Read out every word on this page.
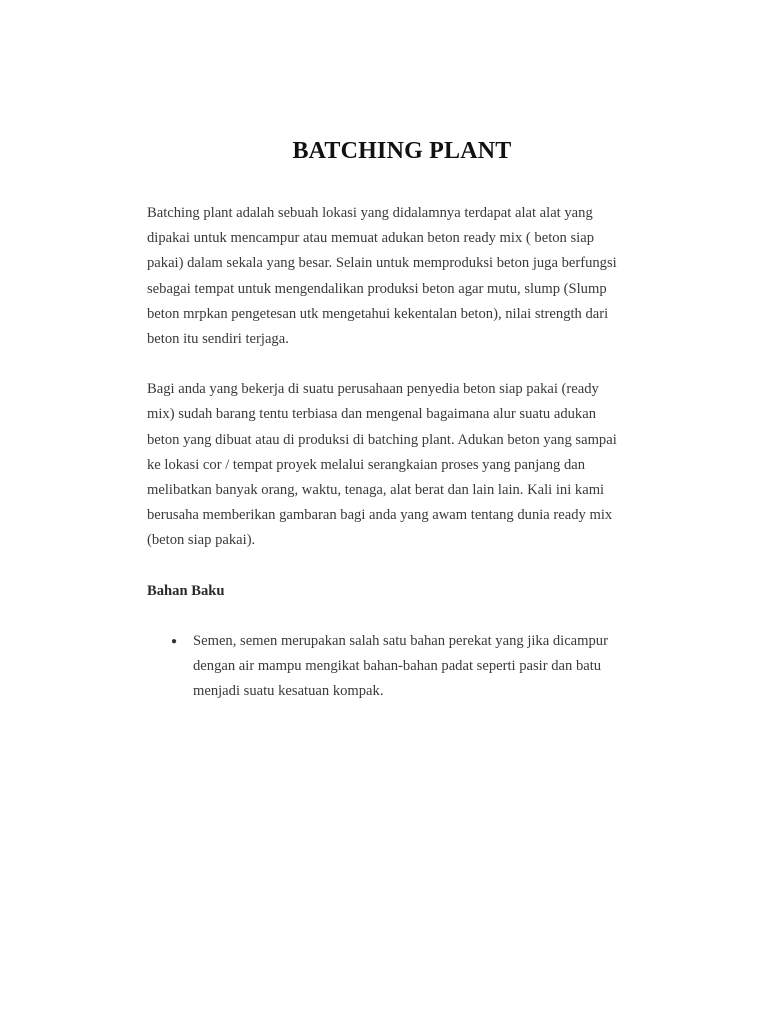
BATCHING PLANT

Batching plant adalah sebuah lokasi yang didalamnya terdapat alat alat yang
dipakai untuk mencampur atau memuat adukan beton ready mix ( beton siap
pakai) dalam sekala yang besar. Selain untuk memproduksi beton juga berfungsi
sebagai tempat untuk mengendalikan produksi beton agar mutu, slump (Slump
beton mrpkan pengetesan utk mengetahui kekentalan beton), nilai strength dari
beton itu sendiri terjaga.

Bagi anda yang bekerja di suatu perusahaan penyedia beton siap pakai (ready
mix) sudah barang tentu terbiasa dan mengenal bagaimana alur suatu adukan
beton yang dibuat atau di produksi di batching plant. Adukan beton yang sampai
ke lokasi cor / tempat proyek melalui serangkaian proses yang panjang dan
melibatkan banyak orang, waktu, tenaga, alat berat dan lain lain. Kali ini kami
berusaha memberikan gambaran bagi anda yang awam tentang dunia ready mix
(beton siap pakai).

Bahan Baku
● Semen, semen merupakan salah satu bahan perekat yang jika dicampur
dengan air mampu mengikat bahan-bahan padat seperti pasir dan batu
menjadi suatu kesatuan kompak.
